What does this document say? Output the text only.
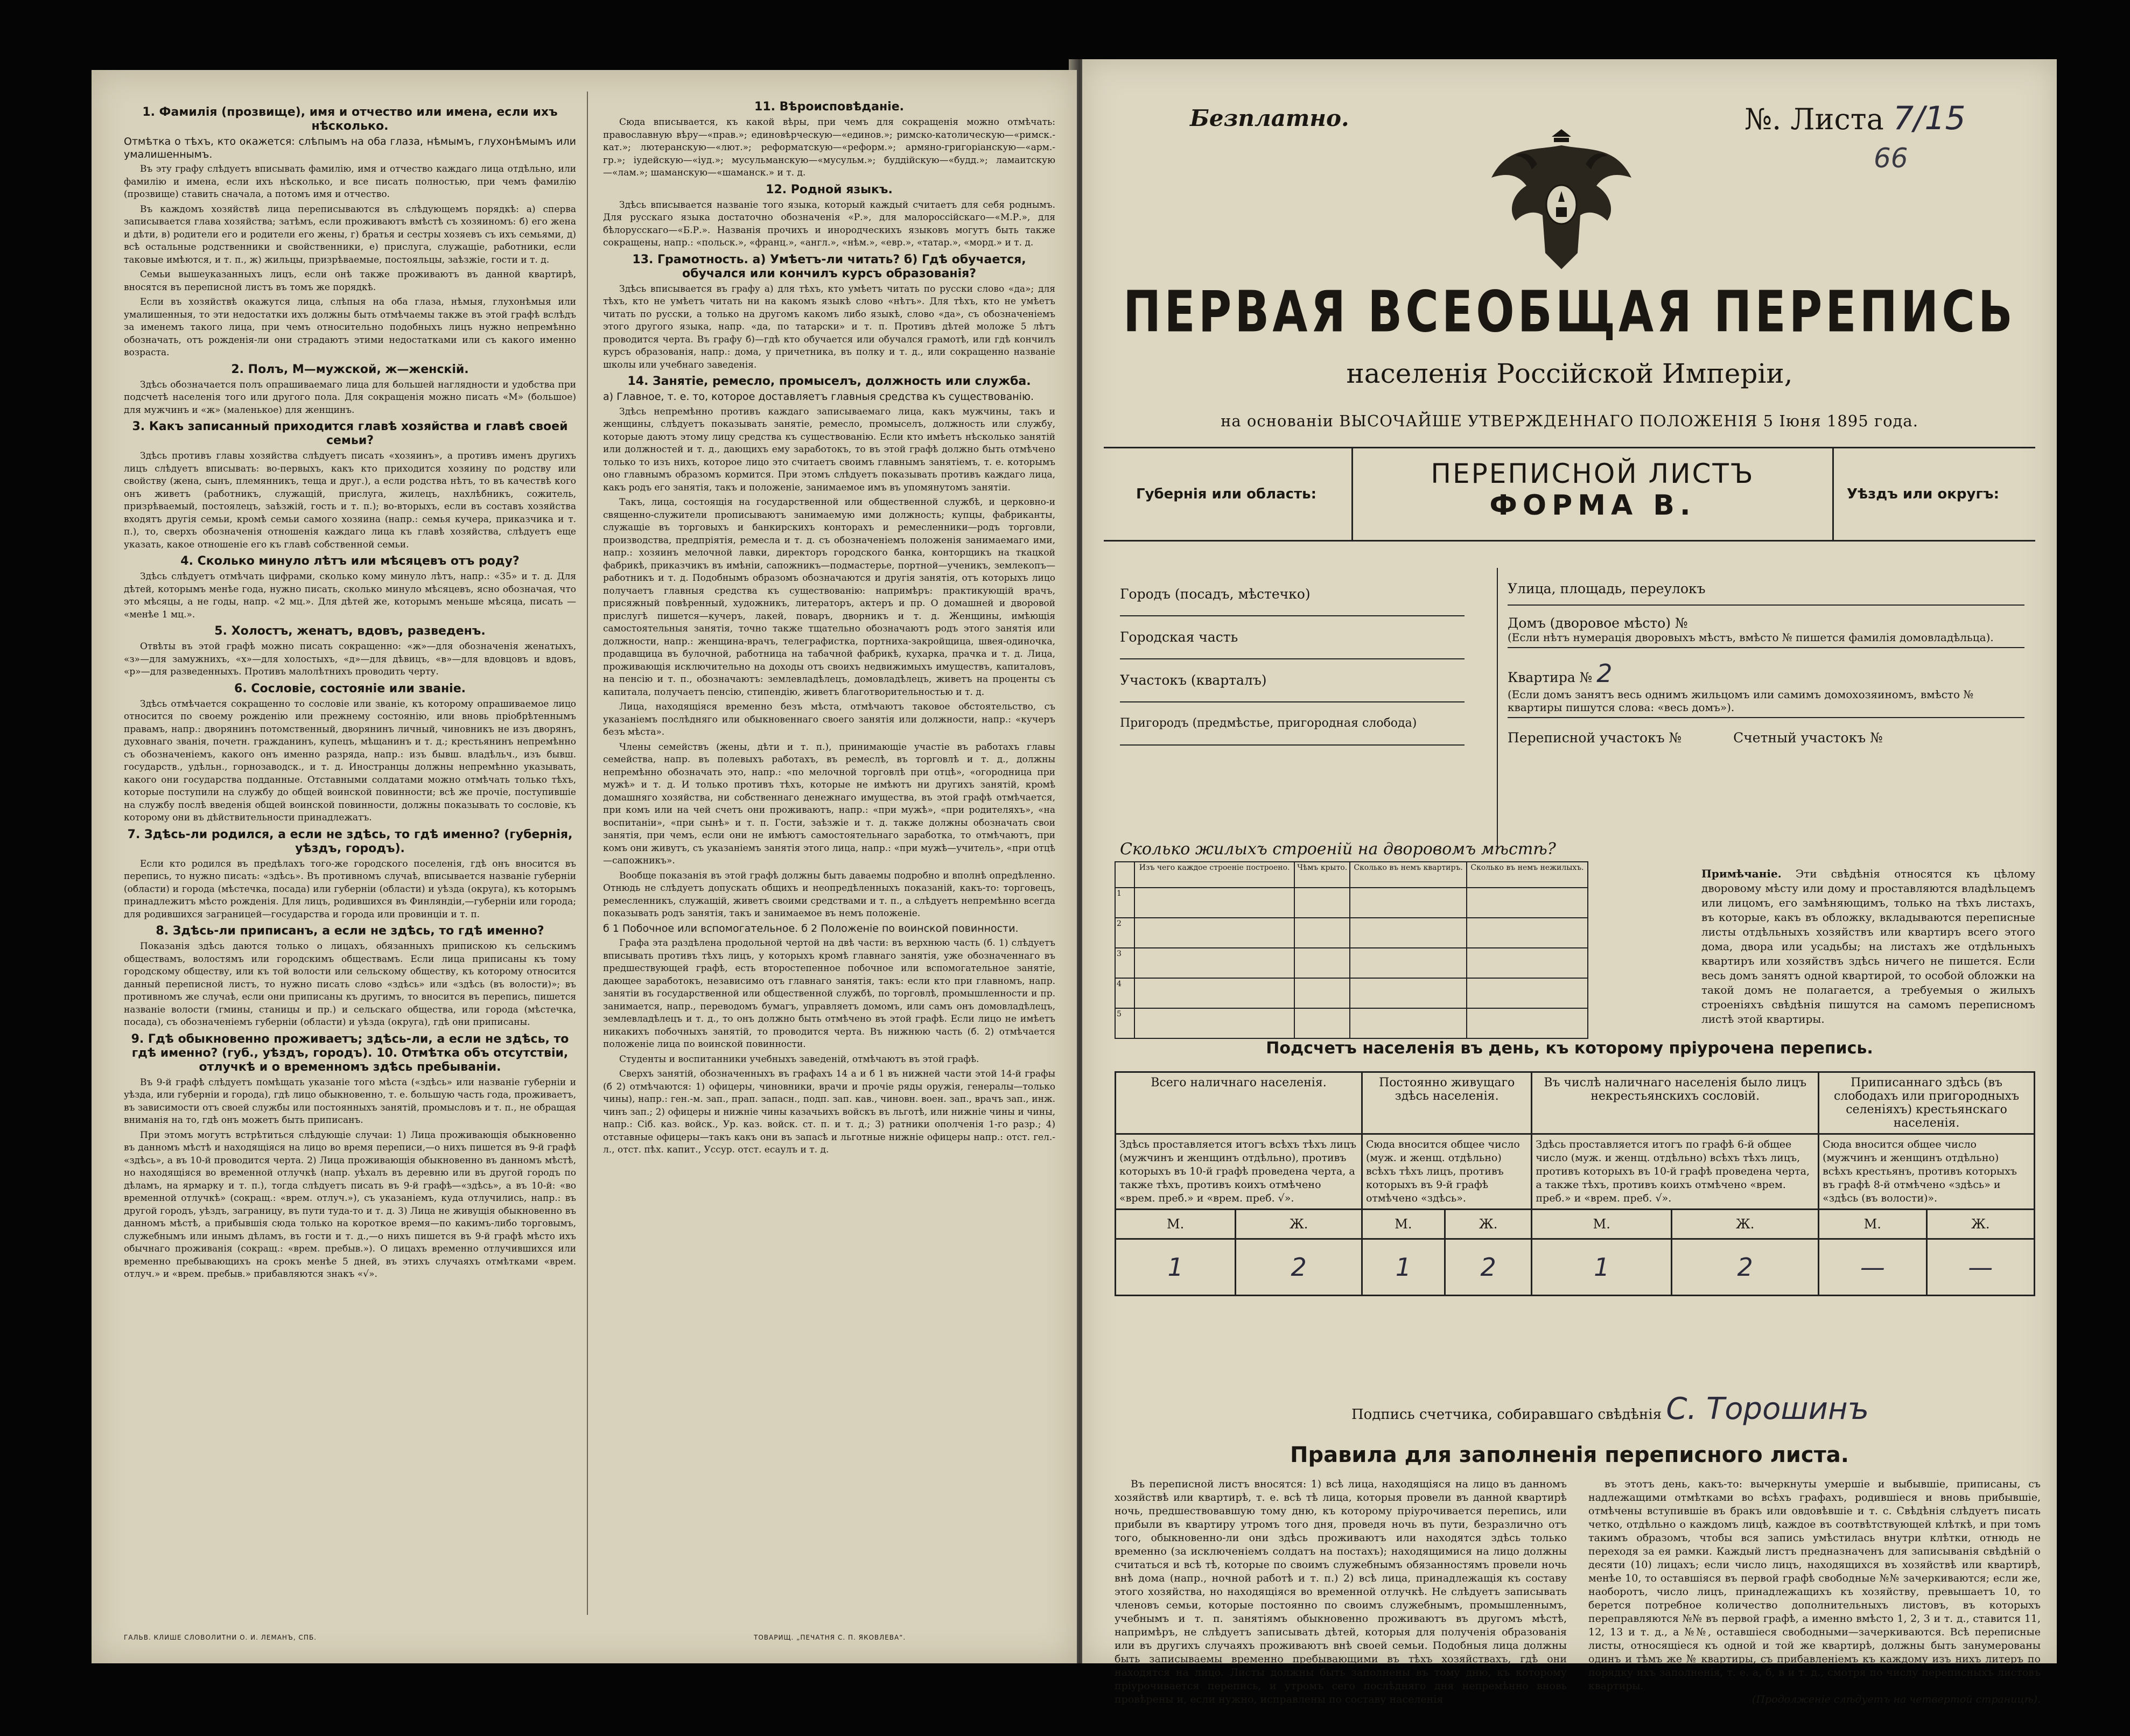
1. Фамилія (прозвище), имя и отчество или имена, если ихъ нѣсколько.
Отмѣтка о тѣхъ, кто окажется: слѣпымъ на оба глаза, нѣмымъ, глухонѣмымъ или умалишеннымъ.

Въ эту графу слѣдуетъ вписывать фамилію, имя и отчество каждаго лица отдѣльно, или фамилію и имена, если ихъ нѣсколько, и все писать полностью, при чемъ фамилію (прозвище) ставить сначала, а потомъ имя и отчество.

Въ каждомъ хозяйствѣ лица переписываются въ слѣдующемъ порядкѣ: а) сперва записывается глава хозяйства; затѣмъ, если проживаютъ вмѣстѣ съ хозяиномъ: б) его жена и дѣти, в) родители его и родители его жены, г) братья и сестры хозяевъ съ ихъ семьями, д) всѣ остальные родственники и свойственники, е) прислуга, служащіе, работники, если таковые имѣются, и т. п., ж) жильцы, призрѣваемые, постояльцы, заѣзжіе, гости и т. д.

Семьи вышеуказанныхъ лицъ, если онѣ также проживаютъ въ данной квартирѣ, вносятся въ переписной листъ въ томъ же порядкѣ.

Если въ хозяйствѣ окажутся лица, слѣпыя на оба глаза, нѣмыя, глухонѣмыя или умалишенныя, то эти недостатки ихъ должны быть отмѣчаемы также въ этой графѣ вслѣдъ за именемъ такого лица, при чемъ относительно подобныхъ лицъ нужно непремѣнно обозначать, отъ рожденія-ли они страдаютъ этими недостатками или съ какого именно возраста.

2. Полъ, М—мужской, ж—женскій.

Здѣсь обозначается полъ опрашиваемаго лица для большей наглядности и удобства при подсчетѣ населенія того или другого пола. Для сокращенія можно писать «М» (большое) для мужчинъ и «ж» (маленькое) для женщинъ.

3. Какъ записанный приходится главѣ хозяйства и главѣ своей семьи?

Здѣсь противъ главы хозяйства слѣдуетъ писать «хозяинъ», а противъ именъ другихъ лицъ слѣдуетъ вписывать: во-первыхъ, какъ кто приходится хозяину по родству или свойству (жена, сынъ, племянникъ, теща и друг.), а если родства нѣтъ, то въ качествѣ кого онъ живетъ (работникъ, служащій, прислуга, жилецъ, нахлѣбникъ, сожитель, призрѣваемый, постоялецъ, заѣзжій, гость и т. п.); во-вторыхъ, если въ составъ хозяйства входятъ другія семьи, кромѣ семьи самого хозяина (напр.: семья кучера, приказчика и т. п.), то, сверхъ обозначенія отношенія каждаго лица къ главѣ хозяйства, слѣдуетъ еще указать, какое отношеніе его къ главѣ собственной семьи.

4. Сколько минуло лѣтъ или мѣсяцевъ отъ роду?

Здѣсь слѣдуетъ отмѣчать цифрами, сколько кому минуло лѣтъ, напр.: «35» и т. д. Для дѣтей, которымъ менѣе года, нужно писать, сколько минуло мѣсяцевъ, ясно обозначая, что это мѣсяцы, а не годы, напр. «2 мц.». Для дѣтей же, которымъ меньше мѣсяца, писать — «менѣе 1 мц.».

5. Холостъ, женатъ, вдовъ, разведенъ.

Отвѣты въ этой графѣ можно писать сокращенно: «ж»—для обозначенія женатыхъ, «з»—для замужнихъ, «х»—для холостыхъ, «д»—для дѣвицъ, «в»—для вдовцовъ и вдовъ, «р»—для разведенныхъ. Противъ малолѣтнихъ проводить черту.

6. Сословіе, состояніе или званіе.

Здѣсь отмѣчается сокращенно то сословіе или званіе, къ которому опрашиваемое лицо относится по своему рожденію или прежнему состоянію, или вновь пріобрѣтеннымъ правамъ, напр.: дворянинъ потомственный, дворянинъ личный, чиновникъ не изъ дворянъ, духовнаго званія, почетн. гражданинъ, купецъ, мѣщанинъ и т. д.; крестьянинъ непремѣнно съ обозначеніемъ, какого онъ именно разряда, напр.: изъ бывш. владѣльч., изъ бывш. государств., удѣльн., горнозаводск., и т. д. Иностранцы должны непремѣнно указывать, какого они государства подданные. Отставными солдатами можно отмѣчать только тѣхъ, которые поступили на службу до общей воинской повинности; всѣ же прочіе, поступившіе на службу послѣ введенія общей воинской повинности, должны показывать то сословіе, къ которому они въ дѣйствительности принадлежатъ.

7. Здѣсь-ли родился, а если не здѣсь, то гдѣ именно? (губернія, уѣздъ, городъ).

Если кто родился въ предѣлахъ того-же городского поселенія, гдѣ онъ вносится въ перепись, то нужно писать: «здѣсь». Въ противномъ случаѣ, вписывается названіе губерніи (области) и города (мѣстечка, посада) или губерніи (области) и уѣзда (округа), къ которымъ принадлежитъ мѣсто рожденія. Для лицъ, родившихся въ Финляндіи,—губерніи или города; для родившихся заграницей—государства и города или провинціи и т. п.

8. Здѣсь-ли приписанъ, а если не здѣсь, то гдѣ именно?

Показанія здѣсь даются только о лицахъ, обязанныхъ припискою къ сельскимъ обществамъ, волостямъ или городскимъ обществамъ. Если лица приписаны къ тому городскому обществу, или къ той волости или сельскому обществу, къ которому относится данный переписной листъ, то нужно писать слово «здѣсь» или «здѣсь (въ волости)»; въ противномъ же случаѣ, если они приписаны къ другимъ, то вносится въ перепись, пишется названіе волости (гмины, станицы и пр.) и сельскаго общества, или города (мѣстечка, посада), съ обозначеніемъ губерніи (области) и уѣзда (округа), гдѣ они приписаны.

9. Гдѣ обыкновенно проживаетъ; здѣсь-ли, а если не здѣсь, то гдѣ именно? (губ., уѣздъ, городъ). 10. Отмѣтка объ отсутствіи, отлучкѣ и о временномъ здѣсь пребываніи.

Въ 9-й графѣ слѣдуетъ помѣщать указаніе того мѣста («здѣсь» или названіе губерніи и уѣзда, или губерніи и города), гдѣ лицо обыкновенно, т. е. большую часть года, проживаетъ, въ зависимости отъ своей службы или постоянныхъ занятій, промысловъ и т. п., не обращая вниманія на то, гдѣ онъ можетъ быть приписанъ.

При этомъ могутъ встрѣтиться слѣдующіе случаи: 1) Лица проживающія обыкновенно въ данномъ мѣстѣ и находящіяся на лицо во время переписи,—о нихъ пишется въ 9-й графѣ «здѣсь», а въ 10-й проводится черта. 2) Лица проживающія обыкновенно въ данномъ мѣстѣ, но находящіяся во временной отлучкѣ (напр. уѣхалъ въ деревню или въ другой городъ по дѣламъ, на ярмарку и т. п.), тогда слѣдуетъ писать въ 9-й графѣ—«здѣсь», а въ 10-й: «во временной отлучкѣ» (сокращ.: «врем. отлуч.»), съ указаніемъ, куда отлучились, напр.: въ другой городъ, уѣздъ, заграницу, въ пути туда-то и т. д. 3) Лица не живущія обыкновенно въ данномъ мѣстѣ, а прибывшія сюда только на короткое время—по какимъ-либо торговымъ, служебнымъ или инымъ дѣламъ, въ гости и т. д.,—о нихъ пишется въ 9-й графѣ мѣсто ихъ обычнаго проживанія (сокращ.: «врем. пребыв.»). О лицахъ временно отлучившихся или временно пребывающихъ на срокъ менѣе 5 дней, въ этихъ случаяхъ отмѣтками «врем. отлуч.» и «врем. пребыв.» прибавляются знакъ «√».

11. Вѣроисповѣданіе.

Сюда вписывается, къ какой вѣры, при чемъ для сокращенія можно отмѣчать: православную вѣру—«прав.»; единовѣрческую—«единов.»; римско-католическую—«римск.-кат.»; лютеранскую—«лют.»; реформатскую—«реформ.»; армяно-григоріанскую—«арм.-гр.»; іудейскую—«іуд.»; мусульманскую—«мусульм.»; буддійскую—«будд.»; ламаитскую—«лам.»; шаманскую—«шаманск.» и т. д.

12. Родной языкъ.

Здѣсь вписывается названіе того языка, который каждый считаетъ для себя роднымъ. Для русскаго языка достаточно обозначенія «Р.», для малороссійскаго—«М.Р.», для бѣлорусскаго—«Б.Р.». Названія прочихъ и инородческихъ языковъ могутъ быть также сокращены, напр.: «польск.», «франц.», «англ.», «нѣм.», «евр.», «татар.», «морд.» и т. д.

13. Грамотность. а) Умѣетъ-ли читать? б) Гдѣ обучается, обучался или кончилъ курсъ образованія?

Здѣсь вписывается въ графу а) для тѣхъ, кто умѣетъ читать по русски слово «да»; для тѣхъ, кто не умѣетъ читать ни на какомъ языкѣ слово «нѣтъ». Для тѣхъ, кто не умѣетъ читать по русски, а только на другомъ какомъ либо языкѣ, слово «да», съ обозначеніемъ этого другого языка, напр. «да, по татарски» и т. п. Противъ дѣтей моложе 5 лѣтъ проводится черта. Въ графу б)—гдѣ кто обучается или обучался грамотѣ, или гдѣ кончилъ курсъ образованія, напр.: дома, у причетника, въ полку и т. д., или сокращенно названіе школы или учебнаго заведенія.

14. Занятіе, ремесло, промыселъ, должность или служба.
а) Главное, т. е. то, которое доставляетъ главныя средства къ существованію.

Здѣсь непремѣнно противъ каждаго записываемаго лица, какъ мужчины, такъ и женщины, слѣдуетъ показывать занятіе, ремесло, промыселъ, должность или службу, которые даютъ этому лицу средства къ существованію. Если кто имѣетъ нѣсколько занятій или должностей и т. д., дающихъ ему заработокъ, то въ этой графѣ должно быть отмѣчено только то изъ нихъ, которое лицо это считаетъ своимъ главнымъ занятіемъ, т. е. которымъ оно главнымъ образомъ кормится. При этомъ слѣдуетъ показывать противъ каждаго лица, какъ родъ его занятія, такъ и положеніе, занимаемое имъ въ упомянутомъ занятіи.

Такъ, лица, состоящія на государственной или общественной службѣ, и церковно-и священно-служители прописываютъ занимаемую ими должность; купцы, фабриканты, служащіе въ торговыхъ и банкирскихъ конторахъ и ремесленники—родъ торговли, производства, предпріятія, ремесла и т. д. съ обозначеніемъ положенія занимаемаго ими, напр.: хозяинъ мелочной лавки, директоръ городского банка, конторщикъ на ткацкой фабрикѣ, приказчикъ въ имѣніи, сапожникъ—подмастерье, портной—ученикъ, землекопъ—работникъ и т. д. Подобнымъ образомъ обозначаются и другія занятія, отъ которыхъ лицо получаетъ главныя средства къ существованію: напримѣръ: практикующій врачъ, присяжный повѣренный, художникъ, литераторъ, актеръ и пр. О домашней и дворовой прислугѣ пишется—кучеръ, лакей, поваръ, дворникъ и т. д. Женщины, имѣющія самостоятельныя занятія, точно также тщательно обозначаютъ родъ этого занятія или должности, напр.: женщина-врачъ, телеграфистка, портниха-закройщица, швея-одиночка, продавщица въ булочной, работница на табачной фабрикѣ, кухарка, прачка и т. д. Лица, проживающія исключительно на доходы отъ своихъ недвижимыхъ имуществъ, капиталовъ, на пенсію и т. п., обозначаютъ: землевладѣлецъ, домовладѣлецъ, живетъ на проценты съ капитала, получаетъ пенсію, стипендію, живетъ благотворительностью и т. д.

Лица, находящіяся временно безъ мѣста, отмѣчаютъ таковое обстоятельство, съ указаніемъ послѣдняго или обыкновеннаго своего занятія или должности, напр.: «кучеръ безъ мѣста».

Члены семействъ (жены, дѣти и т. п.), принимающіе участіе въ работахъ главы семейства, напр. въ полевыхъ работахъ, въ ремеслѣ, въ торговлѣ и т. д., должны непремѣнно обозначать это, напр.: «по мелочной торговлѣ при отцѣ», «огородница при мужѣ» и т. д. И только противъ тѣхъ, которые не имѣютъ ни другихъ занятій, кромѣ домашняго хозяйства, ни собственнаго денежнаго имущества, въ этой графѣ отмѣчается, при комъ или на чей счетъ они проживаютъ, напр.: «при мужѣ», «при родителяхъ», «на воспитаніи», «при сынѣ» и т. п. Гости, заѣзжіе и т. д. также должны обозначать свои занятія, при чемъ, если они не имѣютъ самостоятельнаго заработка, то отмѣчаютъ, при комъ они живутъ, съ указаніемъ занятія этого лица, напр.: «при мужѣ—учитель», «при отцѣ—сапожникъ».

Вообще показанія въ этой графѣ должны быть даваемы подробно и вполнѣ опредѣленно. Отнюдь не слѣдуетъ допускать общихъ и неопредѣленныхъ показаній, какъ-то: торговецъ, ремесленникъ, служащій, живетъ своими средствами и т. п., а слѣдуетъ непремѣнно всегда показывать родъ занятія, такъ и занимаемое въ немъ положеніе.

б 1 Побочное или вспомогательное. б 2 Положеніе по воинской повинности.

Графа эта раздѣлена продольной чертой на двѣ части: въ верхнюю часть (б. 1) слѣдуетъ вписывать противъ тѣхъ лицъ, у которыхъ кромѣ главнаго занятія, уже обозначеннаго въ предшествующей графѣ, есть второстепенное побочное или вспомогательное занятіе, дающее заработокъ, независимо отъ главнаго занятія, такъ: если кто при главномъ, напр. занятіи въ государственной или общественной службѣ, по торговлѣ, промышленности и пр. занимается, напр., переводомъ бумагъ, управляетъ домомъ, или самъ онъ домовладѣлецъ, землевладѣлецъ и т. д., то онъ должно быть отмѣчено въ этой графѣ. Если лицо не имѣетъ никакихъ побочныхъ занятій, то проводится черта. Въ нижнюю часть (б. 2) отмѣчается положеніе лица по воинской повинности.

Студенты и воспитанники учебныхъ заведеній, отмѣчаютъ въ этой графѣ.

Сверхъ занятій, обозначенныхъ въ графахъ 14 а и б 1 въ нижней части этой 14-й графы (б 2) отмѣчаются: 1) офицеры, чиновники, врачи и прочіе ряды оружія, генералы—только чины), напр.: ген.-м. зап., прап. запасн., подп. зап. кав., чиновн. воен. зап., врачъ зап., инж. чинъ зап.; 2) офицеры и нижніе чины казачьихъ войскъ въ льготѣ, или нижніе чины и чины, напр.: Сіб. каз. войск., Ур. каз. войск. ст. п. и т. д.; 3) ратники ополченія 1-го разр.; 4) отставные офицеры—такъ какъ они въ запасѣ и льготные нижніе офицеры напр.: отст. гел.-л., отст. пѣх. капит., Уссур. отст. есаулъ и т. д.

ГАЛЬВ. КЛИШЕ СЛОВОЛИТНИ О. И. ЛЕМАНЪ, СПБ.	ТОВАРИЩ. „ПЕЧАТНЯ С. П. ЯКОВЛЕВА“.
Безплатно.	№. Листа 7/15
66
ПЕРВАЯ ВСЕОБЩАЯ ПЕРЕПИСЬ
населенія Россійской Имперіи,
на основаніи ВЫСОЧАЙШЕ УТВЕРЖДЕННАГО ПОЛОЖЕНІЯ 5 Іюня 1895 года.
Губернія или область:
ПЕРЕПИСНОЙ ЛИСТЪ
ФОРМА В.	Уѣздъ или округъ:
Городъ (посадъ, мѣстечко)
Городская часть
Участокъ (кварталъ)
Пригородъ (предмѣстье, пригородная слобода)
Улица, площадь, переулокъ
Домъ (дворовое мѣсто) №
(Если нѣтъ нумерація дворовыхъ мѣстъ, вмѣсто № пишется фамилія домовладѣльца).
Квартира № 2
(Если домъ занятъ весь однимъ жильцомъ или самимъ домохозяиномъ, вмѣсто № квартиры пишутся слова: «весь домъ»).
Переписной участокъ №	Счетный участокъ №
Сколько жилыхъ строеній на дворовомъ мѣстѣ?
	Изъ чего каждое строеніе построено.	Чѣмъ крыто.	Сколько въ немъ квартиръ.	Сколько въ немъ нежилыхъ.
1				
2				
3				
4				
5				
Примѣчаніе. Эти свѣдѣнія относятся къ цѣлому дворовому мѣсту или дому и проставляются владѣльцемъ или лицомъ, его замѣняющимъ, только на тѣхъ листахъ, въ которые, какъ въ обложку, вкладываются переписные листы отдѣльныхъ хозяйствъ или квартиръ всего этого дома, двора или усадьбы; на листахъ же отдѣльныхъ квартиръ или хозяйствъ здѣсь ничего не пишется. Если весь домъ занятъ одной квартирой, то особой обложки на такой домъ не полагается, а требуемыя о жилыхъ строеніяхъ свѣдѣнія пишутся на самомъ переписномъ листѣ этой квартиры.
Подсчетъ населенія въ день, къ которому пріурочена перепись.
Всего наличнаго населенія.		Постоянно живущаго здѣсь населенія.		Въ числѣ наличнаго населенія было лицъ некрестьянскихъ сословій.		Приписаннаго здѣсь (въ слободахъ или пригородныхъ селеніяхъ) крестьянскаго населенія.	
Здѣсь проставляется итогъ всѣхъ тѣхъ лицъ (мужчинъ и женщинъ отдѣльно), противъ которыхъ въ 10-й графѣ проведена черта, а также тѣхъ, противъ коихъ отмѣчено «врем. преб.» и «врем. преб. √».		Сюда вносится общее число (муж. и женщ. отдѣльно) всѣхъ тѣхъ лицъ, противъ которыхъ въ 9-й графѣ отмѣчено «здѣсь».		Здѣсь проставляется итогъ по графѣ 6-й общее число (муж. и женщ. отдѣльно) всѣхъ тѣхъ лицъ, противъ которыхъ въ 10-й графѣ проведена черта, а также тѣхъ, противъ коихъ отмѣчено «врем. преб.» и «врем. преб. √».		Сюда вносится общее число (мужчинъ и женщинъ отдѣльно) всѣхъ крестьянъ, противъ которыхъ въ графѣ 8-й отмѣчено «здѣсь» и «здѣсь (въ волости)».	
М.	Ж.	М.	Ж.	М.	Ж.	М.	Ж.
1	2	1	2	1	2	—	—
Подпись счетчика, собиравшаго свѣдѣнія С. Торошинъ
Правила для заполненія переписного листа.

Въ переписной листъ вносятся: 1) всѣ лица, находящіяся на лицо въ данномъ хозяйствѣ или квартирѣ, т. е. всѣ тѣ лица, которыя провели въ данной квартирѣ ночь, предшествовавшую тому дню, къ которому пріурочивается перепись, или прибыли въ квартиру утромъ того дня, проведя ночь въ пути, безразлично отъ того, обыкновенно-ли они здѣсь проживаютъ или находятся здѣсь только временно (за исключеніемъ солдатъ на постахъ); находящимися на лицо должны считаться и всѣ тѣ, которые по своимъ служебнымъ обязанностямъ провели ночь внѣ дома (напр., ночной работѣ и т. п.) 2) всѣ лица, принадлежащія къ составу этого хозяйства, но находящіяся во временной отлучкѣ. Не слѣдуетъ записывать членовъ семьи, которые постоянно по своимъ служебнымъ, промышленнымъ, учебнымъ и т. п. занятіямъ обыкновенно проживаютъ въ другомъ мѣстѣ, напримѣръ, не слѣдуетъ записывать дѣтей, которыя для полученія образованія или въ другихъ случаяхъ проживаютъ внѣ своей семьи. Подобныя лица должны быть записываемы временно пребывающими въ тѣхъ хозяйствахъ, гдѣ они находятся на лицо. Листы должны быть заполнены въ тому дню, къ которому пріурочивается перепись, и утромъ сего послѣдняго дня непремѣнно вновь провѣрены и, если нужно, исправлены по составу населенія

въ этотъ день, какъ-то: вычеркнуты умершіе и выбывшіе, приписаны, съ надлежащими отмѣтками во всѣхъ графахъ, родившіеся и вновь прибывшіе, отмѣчены вступившіе въ бракъ или овдовѣвшіе и т. с. Свѣдѣнія слѣдуетъ писать четко, отдѣльно о каждомъ лицѣ, каждое въ соотвѣтствующей клѣткѣ, и при томъ такимъ образомъ, чтобы вся запись умѣстилась внутри клѣтки, отнюдь не переходя за ея рамки. Каждый листъ предназначенъ для записыванія свѣдѣній о десяти (10) лицахъ; если число лицъ, находящихся въ хозяйствѣ или квартирѣ, менѣе 10, то оставшіяся въ первой графѣ свободные №№ зачеркиваются; если же, наоборотъ, число лицъ, принадлежащихъ къ хозяйству, превышаетъ 10, то берется потребное количество дополнительныхъ листовъ, въ которыхъ переправляются №№ въ первой графѣ, а именно вмѣсто 1, 2, 3 и т. д., ставится 11, 12, 13 и т. д., а №№, оставшіеся свободными—зачеркиваются. Всѣ переписные листы, относящіеся къ одной и той же квартирѣ, должны быть занумерованы одинъ и тѣмъ же № квартиры, съ прибавленіемъ къ каждому изъ нихъ литеръ по порядку ихъ заполненія, т. е. а, б, в и т. д., смотря по числу переписныхъ листовъ квартиры.

(Продолженіе слѣдуетъ на четвертой страницѣ).
